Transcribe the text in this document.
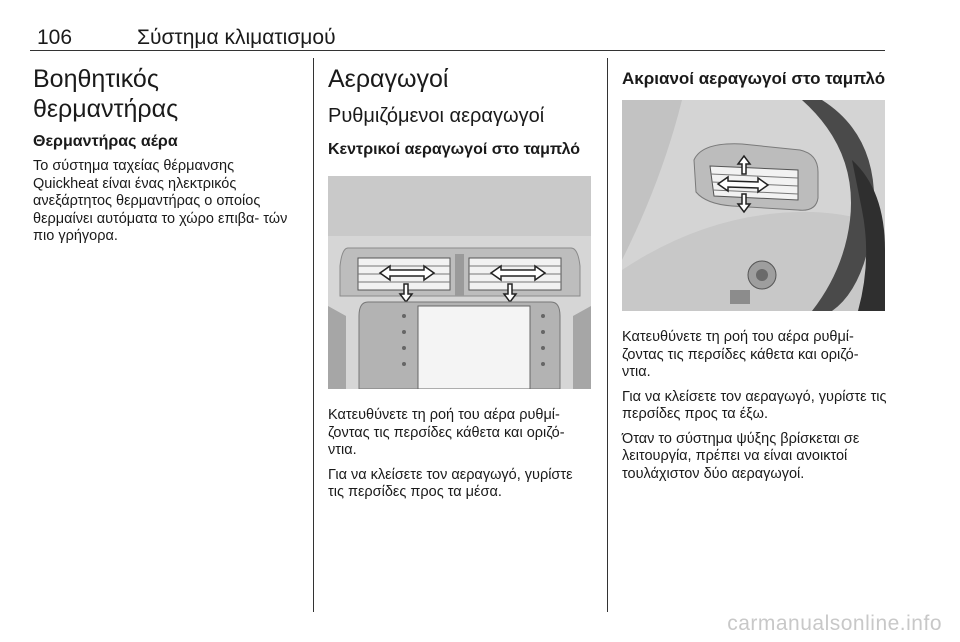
106	Σύστημα κλιματισμού
Βοηθητικός θερμαντήρας
Θερμαντήρας αέρα

Το σύστημα ταχείας θέρμανσης Quickheat είναι ένας ηλεκτρικός ανεξάρτητος θερμαντήρας ο οποίος θερμαίνει αυτόματα το χώρο επιβα- τών πιο γρήγορα.

Αεραγωγοί
Ρυθμιζόμενοι αεραγωγοί
Κεντρικοί αεραγωγοί στο ταμπλό

Κατευθύνετε τη ροή του αέρα ρυθμί- ζοντας τις περσίδες κάθετα και οριζό- ντια.

Για να κλείσετε τον αεραγωγό, γυρίστε τις περσίδες προς τα μέσα.

Ακριανοί αεραγωγοί στο ταμπλό

Κατευθύνετε τη ροή του αέρα ρυθμί- ζοντας τις περσίδες κάθετα και οριζό- ντια.

Για να κλείσετε τον αεραγωγό, γυρίστε τις περσίδες προς τα έξω.

Όταν το σύστημα ψύξης βρίσκεται σε λειτουργία, πρέπει να είναι ανοικτοί τουλάχιστον δύο αεραγωγοί.

carmanualsonline.info
